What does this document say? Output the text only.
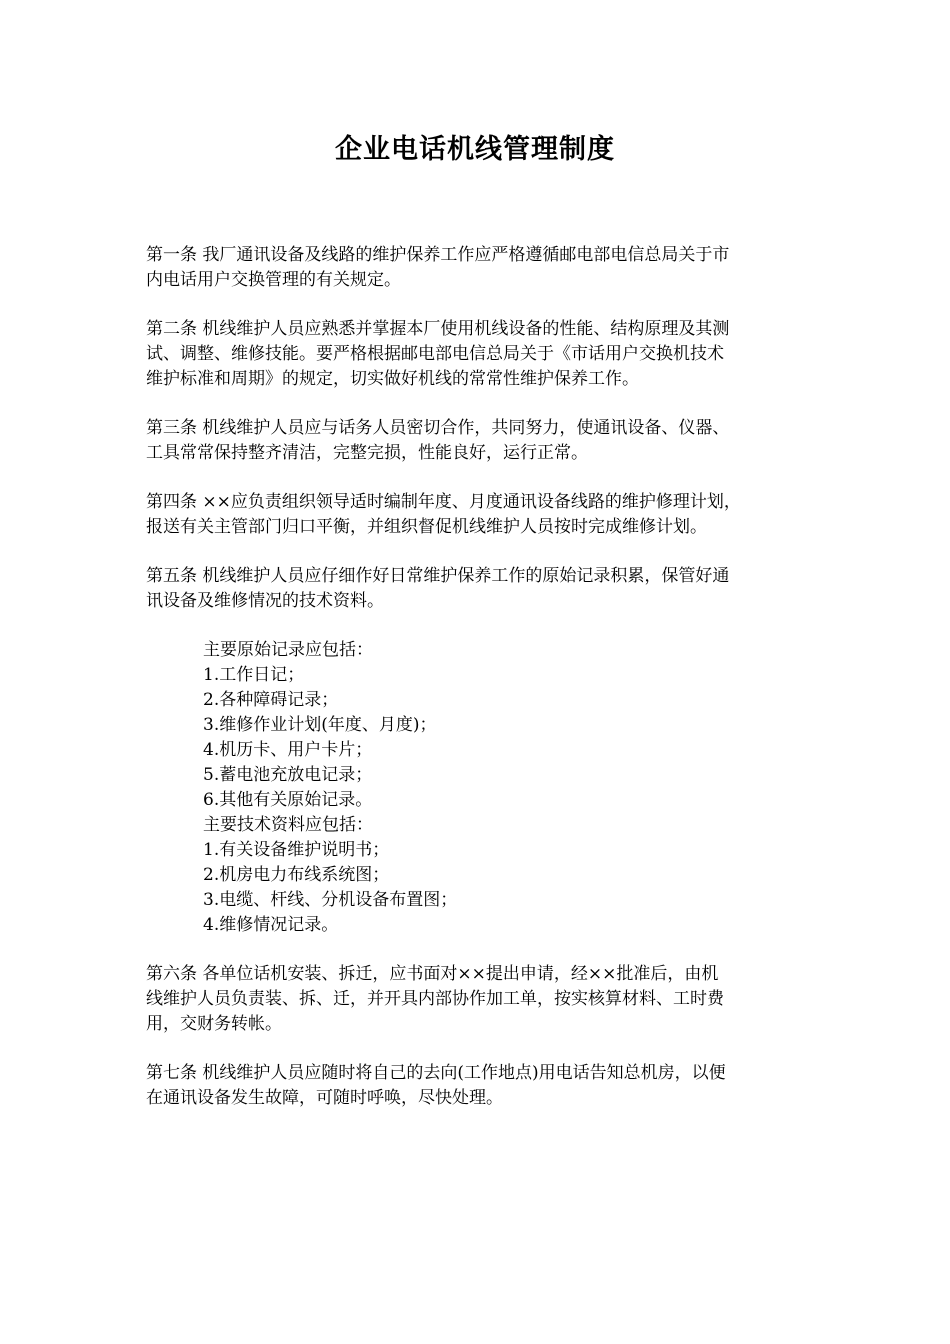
企业电话机线管理制度

第一条 我厂通讯设备及线路的维护保养工作应严格遵循邮电部电信总局关于市
内电话用户交换管理的有关规定。

第二条 机线维护人员应熟悉并掌握本厂使用机线设备的性能、结构原理及其测
试、调整、维修技能。要严格根据邮电部电信总局关于《市话用户交换机技术
维护标准和周期》的规定，切实做好机线的常常性维护保养工作。

第三条 机线维护人员应与话务人员密切合作，共同努力，使通讯设备、仪器、
工具常常保持整齐清洁，完整完损，性能良好，运行正常。

第四条 ××应负责组织领导适时编制年度、月度通讯设备线路的维护修理计划，
报送有关主管部门归口平衡，并组织督促机线维护人员按时完成维修计划。

第五条 机线维护人员应仔细作好日常维护保养工作的原始记录积累，保管好通
讯设备及维修情况的技术资料。

主要原始记录应包括：
1.工作日记；
2.各种障碍记录；
3.维修作业计划(年度、月度)；
4.机历卡、用户卡片；
5.蓄电池充放电记录；
6.其他有关原始记录。
主要技术资料应包括：
1.有关设备维护说明书；
2.机房电力布线系统图；
3.电缆、杆线、分机设备布置图；
4.维修情况记录。

第六条 各单位话机安装、拆迁，应书面对××提出申请，经××批准后，由机
线维护人员负责装、拆、迁，并开具内部协作加工单，按实核算材料、工时费
用，交财务转帐。

第七条 机线维护人员应随时将自己的去向(工作地点)用电话告知总机房，以便
在通讯设备发生故障，可随时呼唤，尽快处理。
